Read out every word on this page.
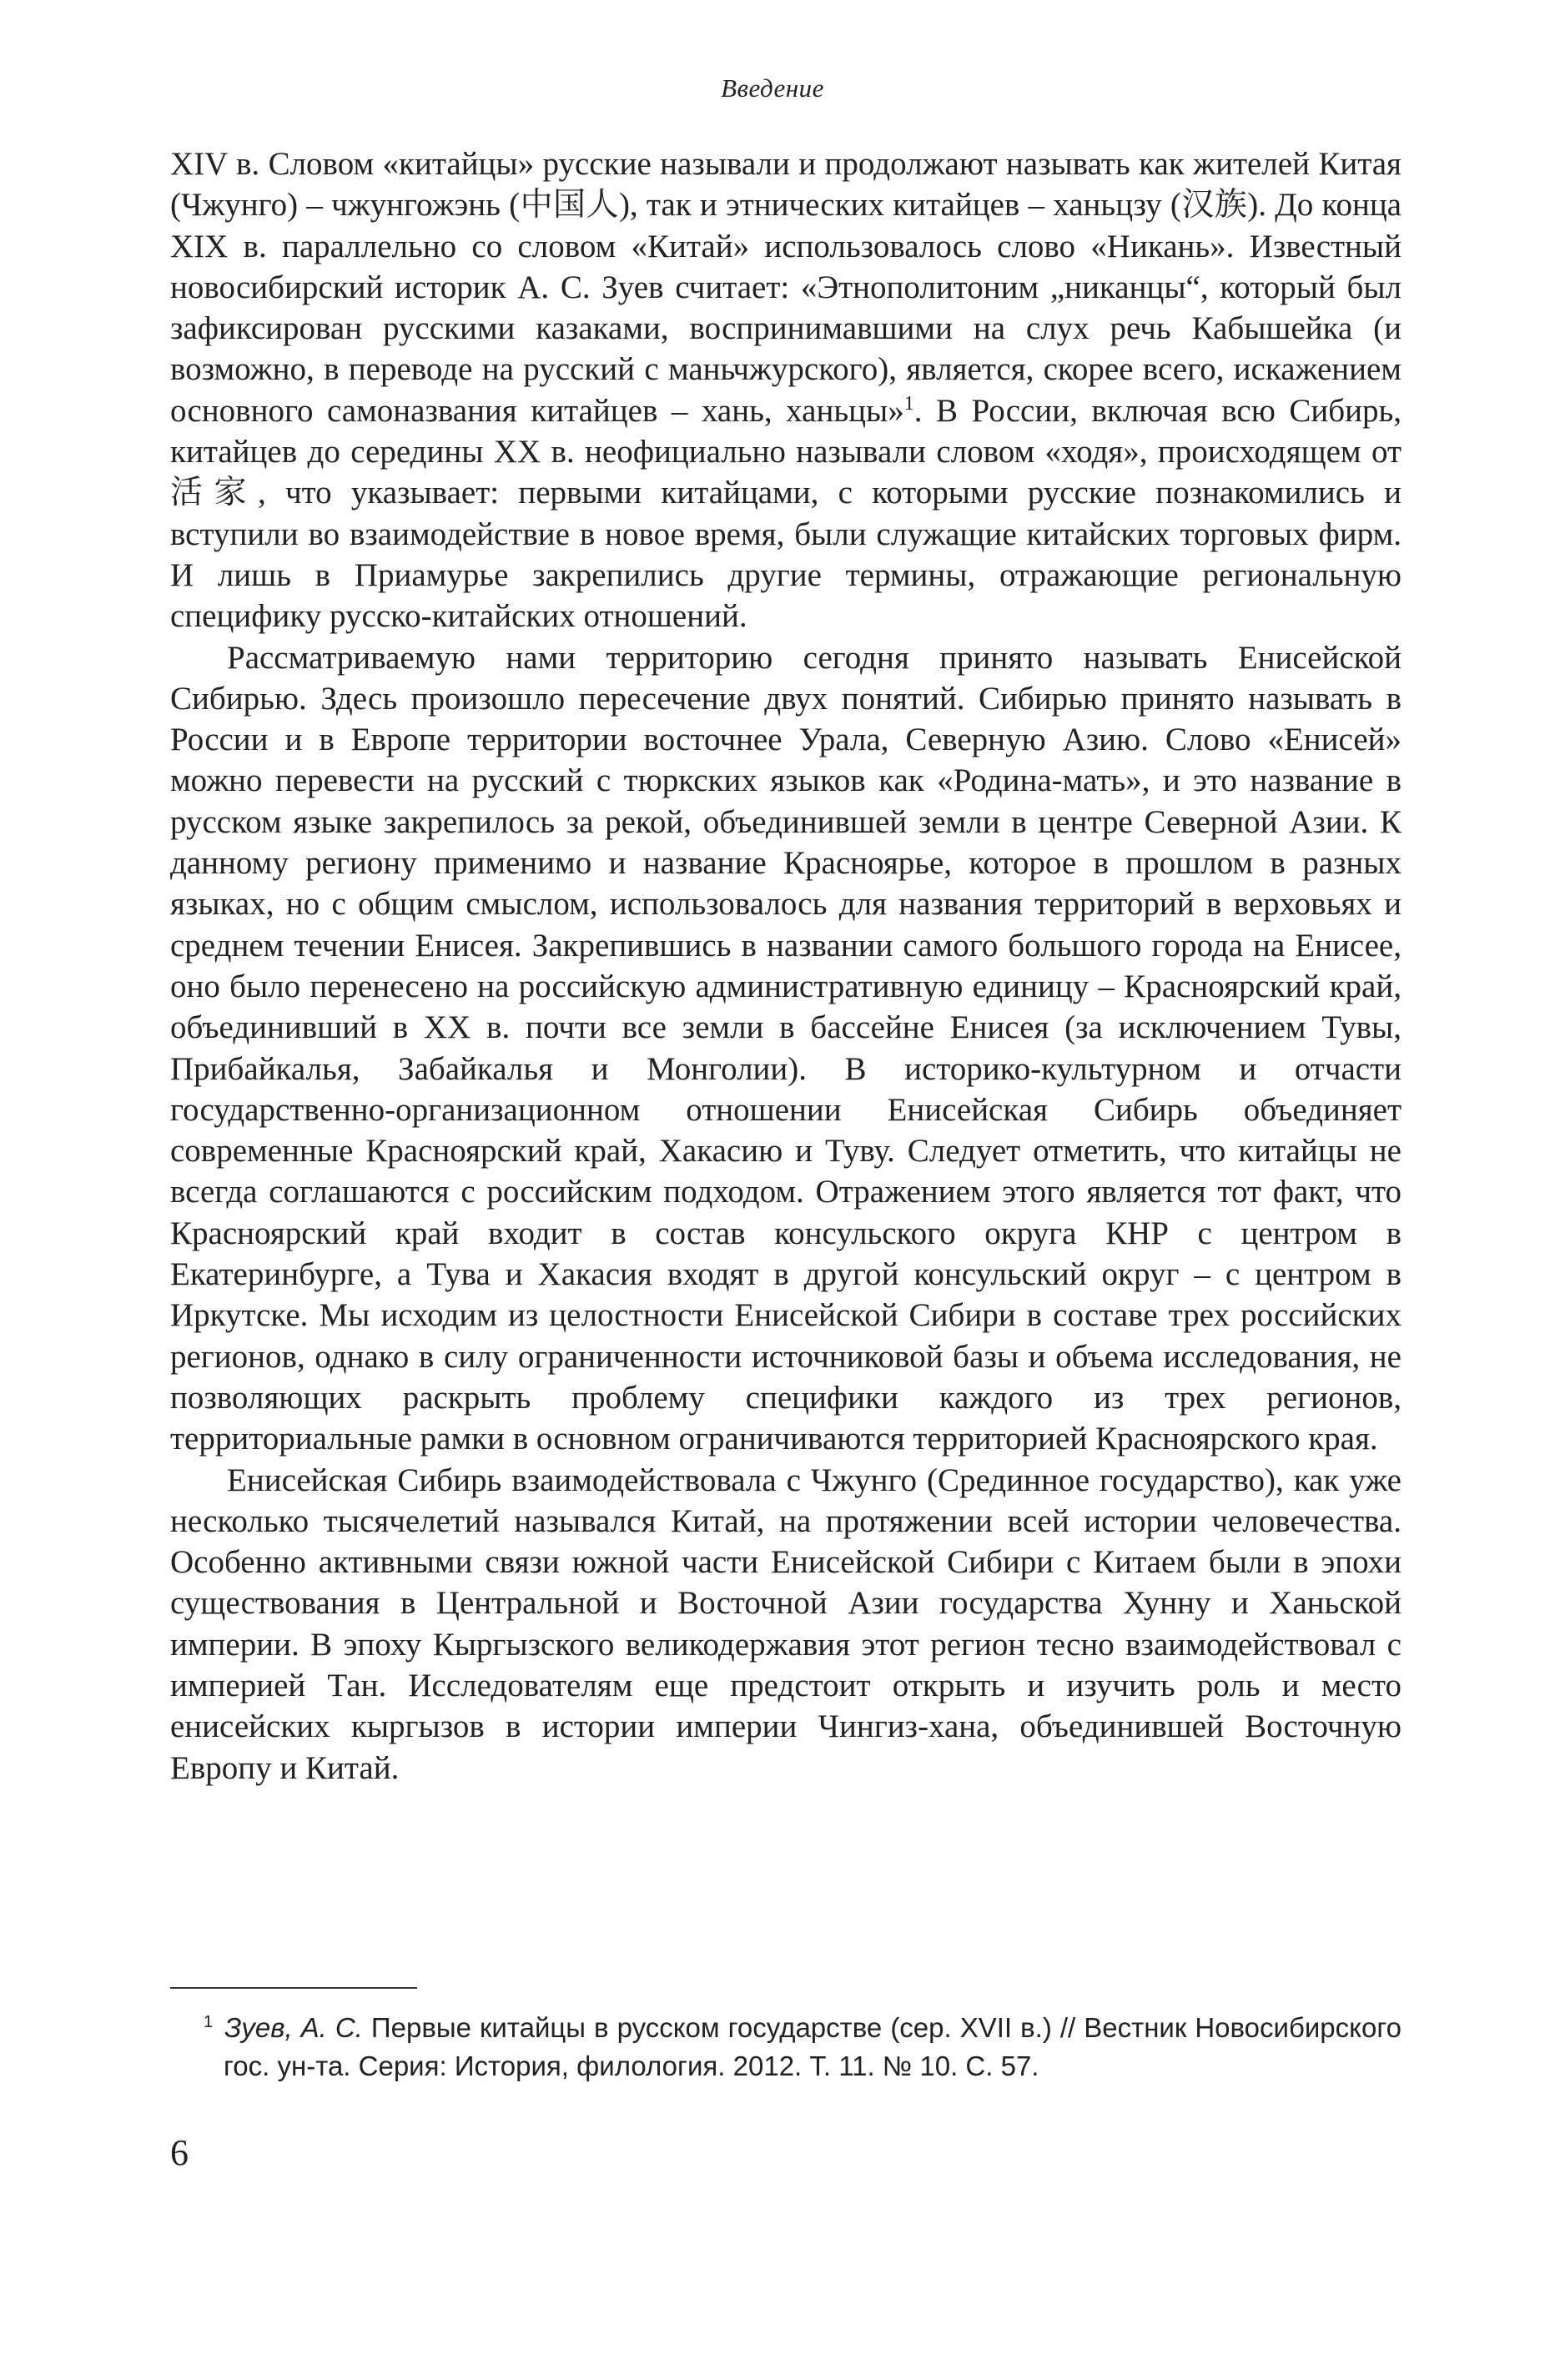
Введение

XIV в. Словом «китайцы» русские называли и продолжают называть как жителей Китая (Чжунго) – чжунгожэнь (中国人), так и этнических китайцев – ханьцзу (汉族). До конца XIX в. параллельно со словом «Китай» использовалось слово «Никань». Известный новосибирский историк А. С. Зуев считает: «Этнополитоним „никанцы“, который был зафиксирован русскими казаками, воспринимавшими на слух речь Кабышейка (и возможно, в переводе на русский с маньчжурского), является, скорее всего, искажением основного самоназвания китайцев – хань, ханьцы»$^1$. В России, включая всю Сибирь, китайцев до середины XX в. неофициально называли словом «ходя», происходящем от 活家, что указывает: первыми китайцами, с которыми русские познакомились и вступили во взаимодействие в новое время, были служащие китайских торговых фирм. И лишь в Приамурье закрепились другие термины, отражающие региональную специфику русско-китайских отношений.

Рассматриваемую нами территорию сегодня принято называть Енисейской Сибирью. Здесь произошло пересечение двух понятий. Сибирью принято называть в России и в Европе территории восточнее Урала, Северную Азию. Слово «Енисей» можно перевести на русский с тюркских языков как «Родина-мать», и это название в русском языке закрепилось за рекой, объединившей земли в центре Северной Азии. К данному региону применимо и название Красноярье, которое в прошлом в разных языках, но с общим смыслом, использовалось для названия территорий в верховьях и среднем течении Енисея. Закрепившись в названии самого большого города на Енисее, оно было перенесено на российскую административную единицу – Красноярский край, объединивший в XX в. почти все земли в бассейне Енисея (за исключением Тувы, Прибайкалья, Забайкалья и Монголии). В историко-культурном и отчасти государственно-организационном отношении Енисейская Сибирь объединяет современные Красноярский край, Хакасию и Туву. Следует отметить, что китайцы не всегда соглашаются с российским подходом. Отражением этого является тот факт, что Красноярский край входит в состав консульского округа КНР с центром в Екатеринбурге, а Тува и Хакасия входят в другой консульский округ – с центром в Иркутске. Мы исходим из целостности Енисейской Сибири в составе трех российских регионов, однако в силу ограниченности источниковой базы и объема исследования, не позволяющих раскрыть проблему специфики каждого из трех регионов, территориальные рамки в основном ограничиваются территорией Красноярского края.

Енисейская Сибирь взаимодействовала с Чжунго (Срединное государство), как уже несколько тысячелетий назывался Китай, на протяжении всей истории человечества. Особенно активными связи южной части Енисейской Сибири с Китаем были в эпохи существования в Центральной и Восточной Азии государства Хунну и Ханьской империи. В эпоху Кыргызского великодержавия этот регион тесно взаимодействовал с империей Тан. Исследователям еще предстоит открыть и изучить роль и место енисейских кыргызов в истории империи Чингиз-хана, объединившей Восточную Европу и Китай.

$^1$ Зуев, А. С. Первые китайцы в русском государстве (сер. XVII в.) // Вестник Новосибирского гос. ун-та. Серия: История, филология. 2012. Т. 11. № 10. С. 57.
6
